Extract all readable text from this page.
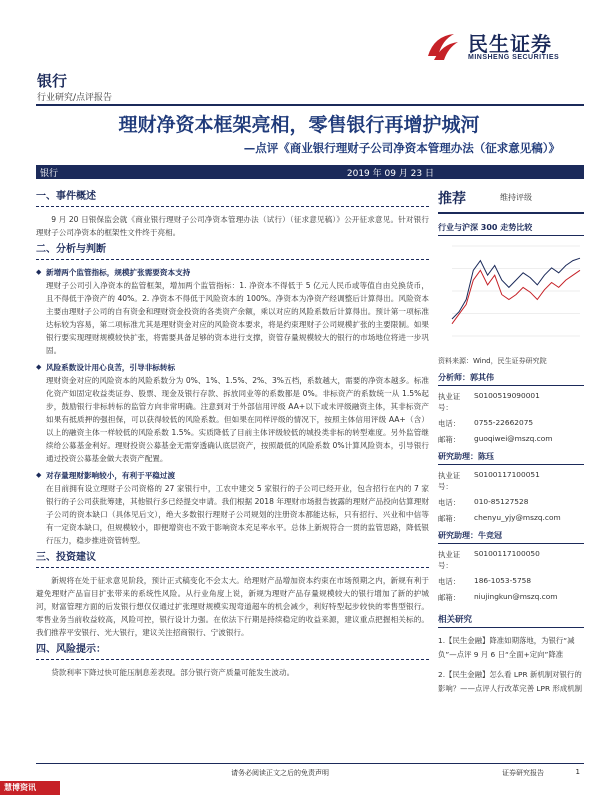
民生证券
MINSHENG SECURITIES
银行
行业研究/点评报告
理财净资本框架亮相，零售银行再增护城河
—点评《商业银行理财子公司净资本管理办法（征求意见稿）》
银行	2019 年 09 月 23 日
一、事件概述

9 月 20 日银保监会就《商业银行理财子公司净资本管理办法（试行）（征求意见稿）》公开征求意见。针对银行理财子公司净资本的框架性文件终于亮相。

二、分析与判断
◆ 新增两个监管指标，规模扩张需要资本支持

理财子公司引入净资本的监管框架，增加两个监管指标：1. 净资本不得低于 5 亿元人民币或等值自由兑换货币，且不得低于净资产的 40%。2. 净资本不得低于风险资本的 100%。净资本为净资产经调整后计算得出。风险资本主要由理财子公司的自有资金和理财资金投资的各类资产余额，乘以对应的风险系数后计算得出。预计第一项标准达标较为容易，第二项标准尤其是理财资金对应的风险资本要求，将是约束理财子公司规模扩张的主要限制。如果银行要实现理财规模较快扩张，将需要具备足够的资本进行支撑，资管存量规模较大的银行的市场地位将进一步巩固。

◆ 风险系数设计用心良苦，引导非标转标

理财资金对应的风险资本的风险系数分为 0%、1%、1.5%、2%、3%五档，系数越大，需要的净资本越多。标准化资产如固定收益类证券、股票、现金及银行存款、拆放同业等的系数都是 0%。非标资产的系数统一从 1.5%起步，鼓励银行非标转标的监管方向非常明确。注意到对于外部信用评级 AA+以下或未评级融资主体，其非标资产如果有抵质押的强担保，可以获得较低的风险系数。但如果在同样评级的情况下，按照主体信用评级 AA+（含）以上的融资主体一样较低的风险系数 1.5%。实质降低了目前主体评级较低的城投类非标的转型难度。另外监管继续给公募基金利好。理财投资公募基金无需穿透确认底层资产，按照最低的风险系数 0%计算风险资本，引导银行通过投资公募基金做大表资产配置。

◆ 对存量理财影响较小，有利于平稳过渡

在目前拥有设立理财子公司资格的 27 家银行中，工农中建交 5 家银行的子公司已经开业，包含招行在内的 7 家银行的子公司获批筹建，其他银行多已经提交申请。我们根据 2018 年理财市场报告披露的理财产品投向估算理财子公司的资本缺口（具体见后文），绝大多数银行理财子公司规划的注册资本都能达标，只有招行、兴业和中信等有一定资本缺口，但规模较小，即便增资也不致于影响资本充足率水平。总体上新规符合一贯的监管思路，降低银行压力，稳步推进资管转型。

三、投资建议

新规将在处于征求意见阶段，预计正式稿变化不会太大。给理财产品增加资本约束在市场预期之内，新规有利于避免理财产品盲目扩张带来的系统性风险。从行业角度上说，新规为理财产品存量规模较大的银行增加了新的护城河，财富管理方面的后发银行想仅仅通过扩张理财规模实现弯道超车的机会减少，利好特型起步较快的零售型银行。零售业务当前收益较高，风险可控，银行设计力强。在依法下行期是持续稳定的收益来源，建议重点把握相关标的。我们推荐平安银行、光大银行，建议关注招商银行、宁波银行。

四、风险提示：

贷款利率下降过快可能压制息差表现。部分银行资产质量可能发生波动。

推荐	维持评级
行业与沪深 300 走势比较
资料来源：Wind，民生证券研究院
分析师：郭其伟
执业证号：
S0100519090001
电话：	0755-22662075
邮箱：	guoqiwei@mszq.com
研究助理：陈珏
执业证号：
S0100117100051
电话：	010-85127528
邮箱：	chenyu_yjy@mszq.com
研究助理：牛竞冠
执业证号：
S0100117100050
电话：	186-1053-5758
邮箱：	niujingkun@mszq.com
相关研究
1.【民生金融】降准如期落地，为银行“减负”—点评 9 月 6 日“全面+定向”降准
2.【民生金融】怎么看 LPR 新机制对银行的影响？——点评人行改革完善 LPR 形成机制
请务必阅读正文之后的免责声明	证券研究报告	1
慧博资讯
